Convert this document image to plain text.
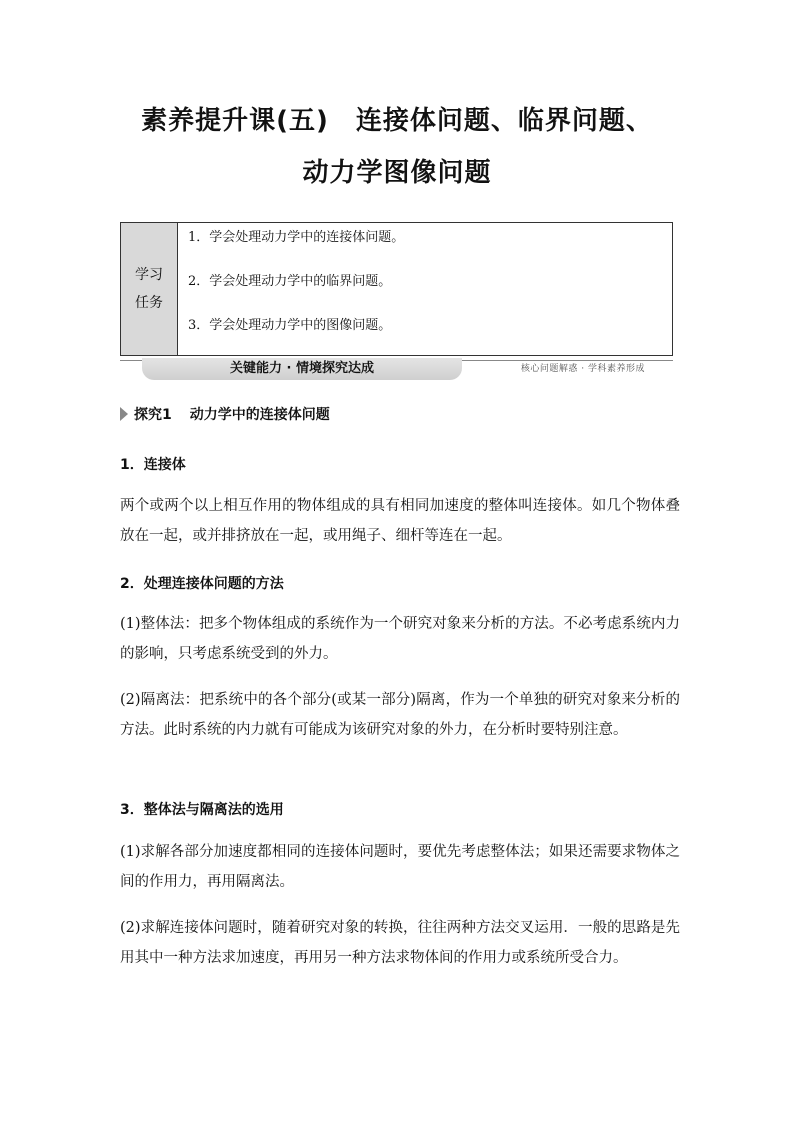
素养提升课(五)　连接体问题、临界问题、
动力学图像问题
学习
任务
1．学会处理动力学中的连接体问题。
2．学会处理动力学中的临界问题。
3．学会处理动力学中的图像问题。
关键能力 · 情境探究达成	核心问题解惑 · 学科素养形成
探究1 动力学中的连接体问题
1．连接体
两个或两个以上相互作用的物体组成的具有相同加速度的整体叫连接体。如几个物体叠放在一起，或并排挤放在一起，或用绳子、细杆等连在一起。
2．处理连接体问题的方法
(1)整体法：把多个物体组成的系统作为一个研究对象来分析的方法。不必考虑系统内力的影响，只考虑系统受到的外力。
(2)隔离法：把系统中的各个部分(或某一部分)隔离，作为一个单独的研究对象来分析的方法。此时系统的内力就有可能成为该研究对象的外力，在分析时要特别注意。
3．整体法与隔离法的选用
(1)求解各部分加速度都相同的连接体问题时，要优先考虑整体法；如果还需要求物体之间的作用力，再用隔离法。
(2)求解连接体问题时，随着研究对象的转换，往往两种方法交叉运用．一般的思路是先用其中一种方法求加速度，再用另一种方法求物体间的作用力或系统所受合力。
